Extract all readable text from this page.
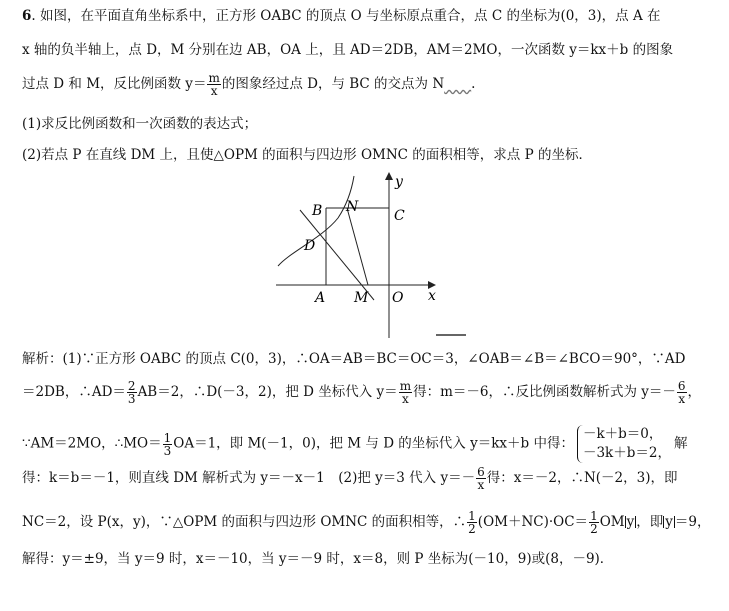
6. 如图，在平面直角坐标系中，正方形 OABC 的顶点 O 与坐标原点重合，点 C 的坐标为(0，3)，点 A 在
x 轴的负半轴上，点 D，M 分别在边 AB，OA 上，且 AD＝2DB，AM＝2MO，一次函数 y＝kx＋b 的图象
过点 D 和 M，反比例函数 $y= \frac{m}{x}$ 的图象经过点 D，与 BC 的交点为 N　　 .
(1)求反比例函数和一次函数的表达式；
(2)若点 P 在直线 DM 上，且使△OPM 的面积与四边形 OMNC 的面积相等，求点 P 的坐标．
x
y
B N
C
D
A M O
解析：(1)∵正方形 OABC 的顶点 C(0，3)，∴OA＝AB＝BC＝OC＝3，∠OAB＝∠B＝∠BCO＝90°，∵AD
＝2DB，∴AD＝ $\frac{2}{3} AB=2$，∴D(－3，2)，把 D 坐标代入 $y= \frac{m}{x}$ 得：m＝－6，∴反比例函数解析式为 $y=- \frac{6}{x}$ ，
∵AM＝2MO，∴MO＝ $\frac{1}{3} OA=1$，即 M(－1，0)，把 M 与 D 的坐标代入 y＝kx＋b 中得：
－k＋b＝0，
－3k＋b＝2，
解
得：k＝b＝－1，则直线 DM 解析式为 y＝－x－1　(2)把 y＝3 代入 $y=- \frac{6}{x}$ 得：x＝－2，∴N(－2，3)，即
NC＝2，设 P(x，y)，∵△OPM 的面积与四边形 OMNC 的面积相等，∴ $\frac{1}{2} (OM+NC)\cdot OC= \frac{1}{2}$ OM y ，即 y ＝9，
解得：y＝±9，当 y＝9 时，x＝－10，当 y＝－9 时，x＝8，则 P 坐标为(－10，9)或(8，－9)．
